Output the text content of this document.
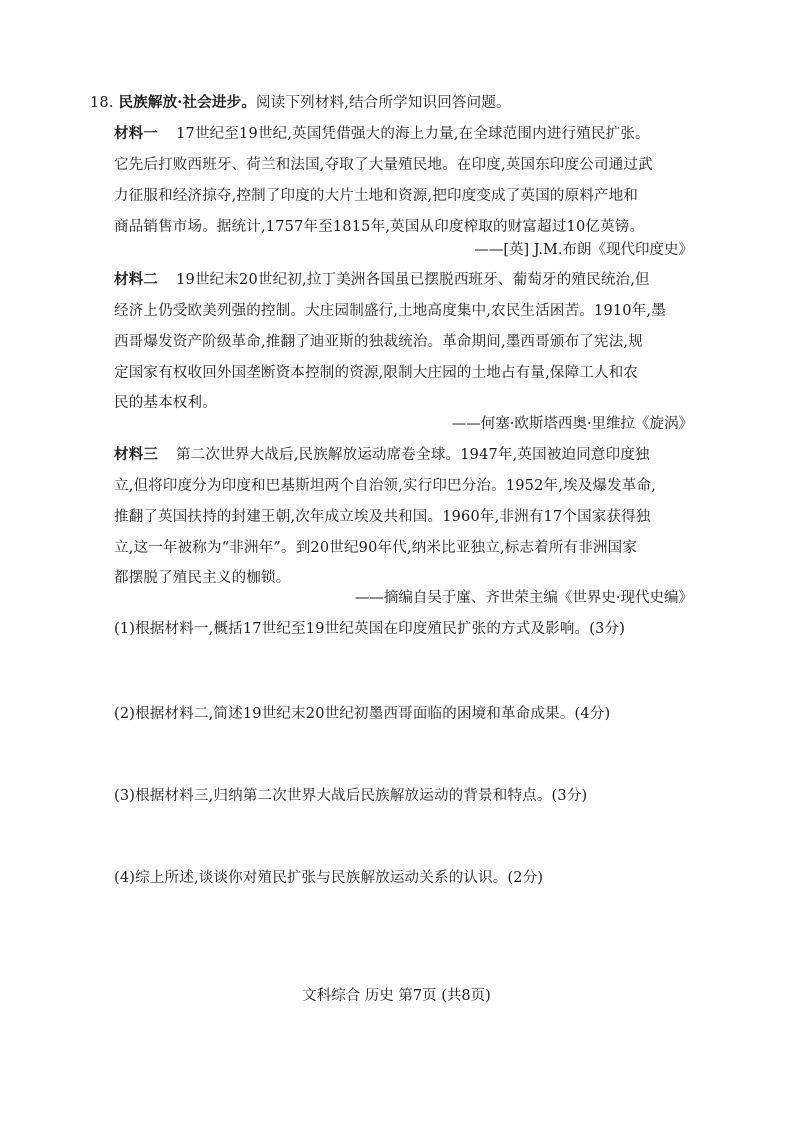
18. 民族解放·社会进步。阅读下列材料,结合所学知识回答问题。
材料一 17世纪至19世纪,英国凭借强大的海上力量,在全球范围内进行殖民扩张。
它先后打败西班牙、荷兰和法国,夺取了大量殖民地。在印度,英国东印度公司通过武
力征服和经济掠夺,控制了印度的大片土地和资源,把印度变成了英国的原料产地和
商品销售市场。据统计,1757年至1815年,英国从印度榨取的财富超过10亿英镑。
——[英] J.M.布朗《现代印度史》
材料二 19世纪末20世纪初,拉丁美洲各国虽已摆脱西班牙、葡萄牙的殖民统治,但
经济上仍受欧美列强的控制。大庄园制盛行,土地高度集中,农民生活困苦。1910年,墨
西哥爆发资产阶级革命,推翻了迪亚斯的独裁统治。革命期间,墨西哥颁布了宪法,规
定国家有权收回外国垄断资本控制的资源,限制大庄园的土地占有量,保障工人和农
民的基本权利。
——何塞·欧斯塔西奥·里维拉《旋涡》
材料三 第二次世界大战后,民族解放运动席卷全球。1947年,英国被迫同意印度独
立,但将印度分为印度和巴基斯坦两个自治领,实行印巴分治。1952年,埃及爆发革命,
推翻了英国扶持的封建王朝,次年成立埃及共和国。1960年,非洲有17个国家获得独
立,这一年被称为“非洲年”。到20世纪90年代,纳米比亚独立,标志着所有非洲国家
都摆脱了殖民主义的枷锁。
——摘编自吴于廑、齐世荣主编《世界史·现代史编》
(1)根据材料一,概括17世纪至19世纪英国在印度殖民扩张的方式及影响。(3分)
(2)根据材料二,简述19世纪末20世纪初墨西哥面临的困境和革命成果。(4分)
(3)根据材料三,归纳第二次世界大战后民族解放运动的背景和特点。(3分)
(4)综上所述,谈谈你对殖民扩张与民族解放运动关系的认识。(2分)
文科综合 历史 第7页 (共8页)
